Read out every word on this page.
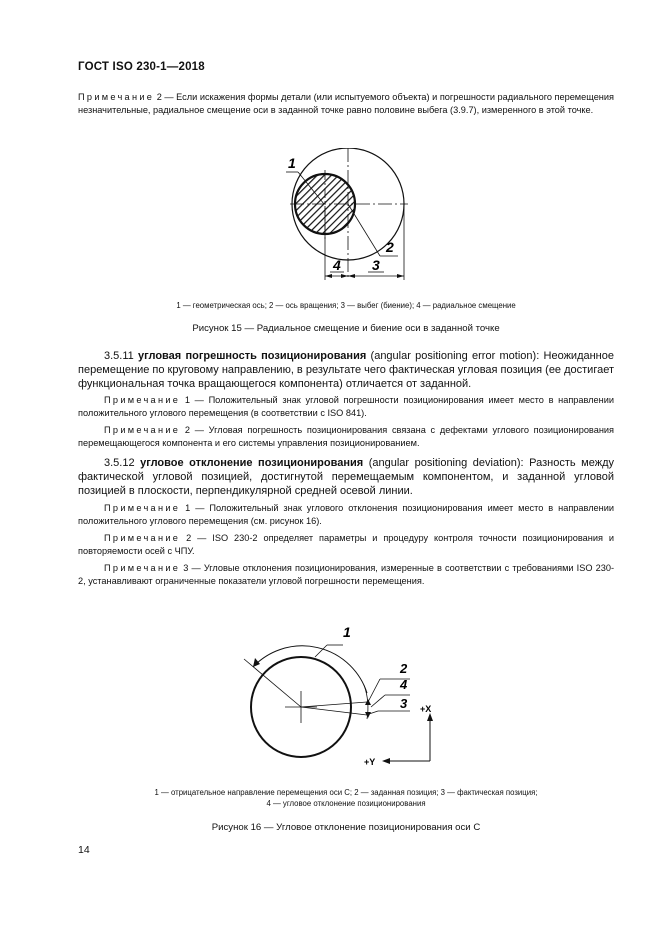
ГОСТ ISO 230-1—2018
Примечание 2 — Если искажения формы детали (или испытуемого объекта) и погрешности радиального перемещения незначительные, радиальное смещение оси в заданной точке равно половине выбега (3.9.7), измеренного в этой точке.
1
2
3
4
1 — геометрическая ось; 2 — ось вращения; 3 — выбег (биение); 4 — радиальное смещение
Рисунок 15 — Радиальное смещение и биение оси в заданной точке
3.5.11 угловая погрешность позиционирования (angular positioning error motion): Неожиданное перемещение по круговому направлению, в результате чего фактическая угловая позиция (ее достигает функциональная точка вращающегося компонента) отличается от заданной.
Примечание 1 — Положительный знак угловой погрешности позиционирования имеет место в направлении положительного углового перемещения (в соответствии с ISO 841).
Примечание 2 — Угловая погрешность позиционирования связана с дефектами углового позиционирования перемещающегося компонента и его системы управления позиционированием.
3.5.12 угловое отклонение позиционирования (angular positioning deviation): Разность между фактической угловой позицией, достигнутой перемещаемым компонентом, и заданной угловой позицией в плоскости, перпендикулярной средней осевой линии.
Примечание 1 — Положительный знак углового отклонения позиционирования имеет место в направлении положительного углового перемещения (см. рисунок 16).
Примечание 2 — ISO 230-2 определяет параметры и процедуру контроля точности позиционирования и повторяемости осей с ЧПУ.
Примечание 3 — Угловые отклонения позиционирования, измеренные в соответствии с требованиями ISO 230-2, устанавливают ограниченные показатели угловой погрешности перемещения.
1
2
4
3 +X
+Y
1 — отрицательное направление перемещения оси C; 2 — заданная позиция; 3 — фактическая позиция;
4 — угловое отклонение позиционирования
Рисунок 16 — Угловое отклонение позиционирования оси C
14
